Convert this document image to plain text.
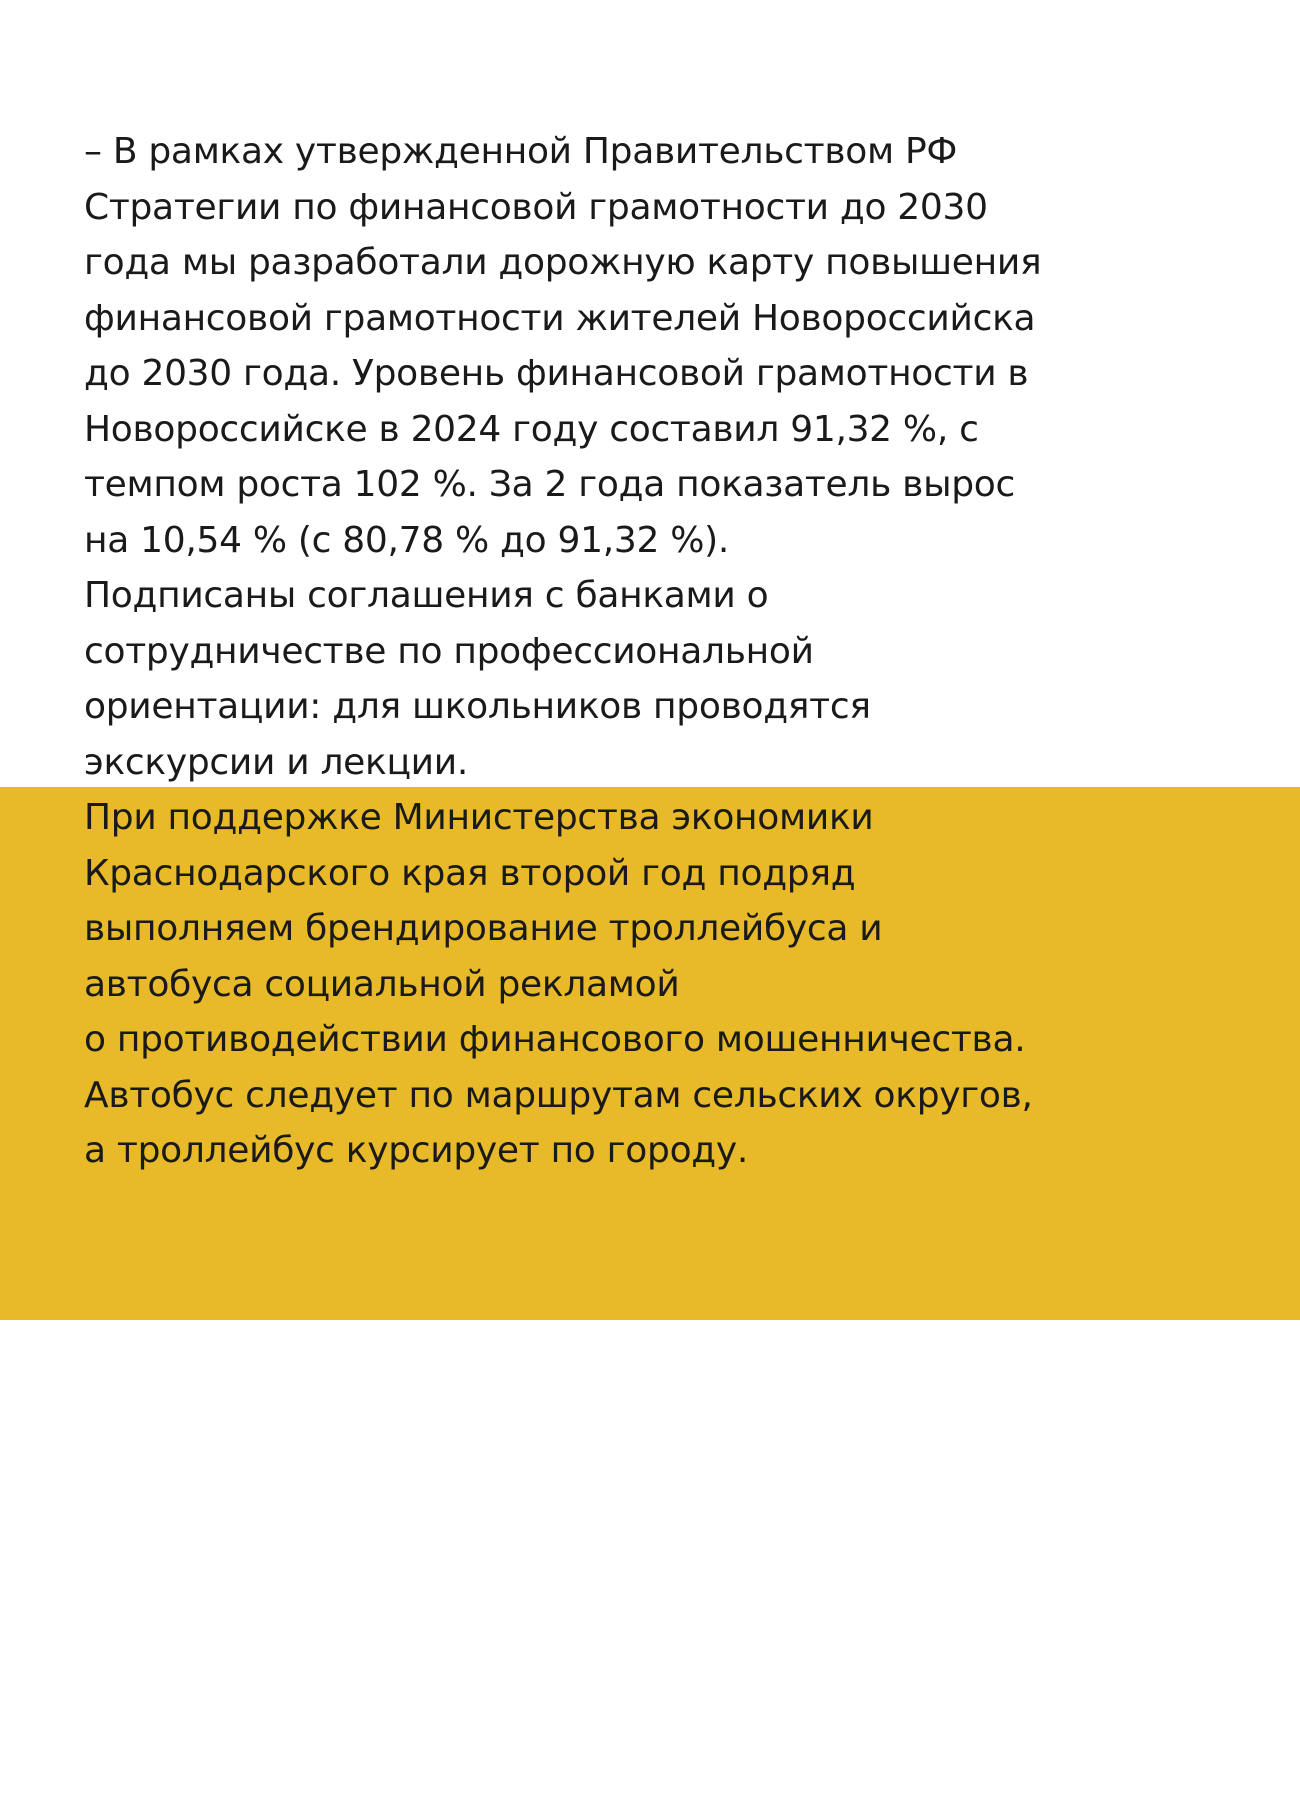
– В рамках утвержденной Правительством РФ
Стратегии по финансовой грамотности до 2030
года мы разработали дорожную карту повышения
финансовой грамотности жителей Новороссийска
до 2030 года. Уровень финансовой грамотности в
Новороссийске в 2024 году составил 91,32 %, с
темпом роста 102 %. За 2 года показатель вырос
на 10,54 % (с 80,78 % до 91,32 %).
Подписаны соглашения с банками о
сотрудничестве по профессиональной
ориентации: для школьников проводятся
экскурсии и лекции.
При поддержке Министерства экономики
Краснодарского края второй год подряд
выполняем брендирование троллейбуса и
автобуса социальной рекламой
о противодействии финансового мошенничества.
Автобус следует по маршрутам сельских округов,
а троллейбус курсирует по городу.
